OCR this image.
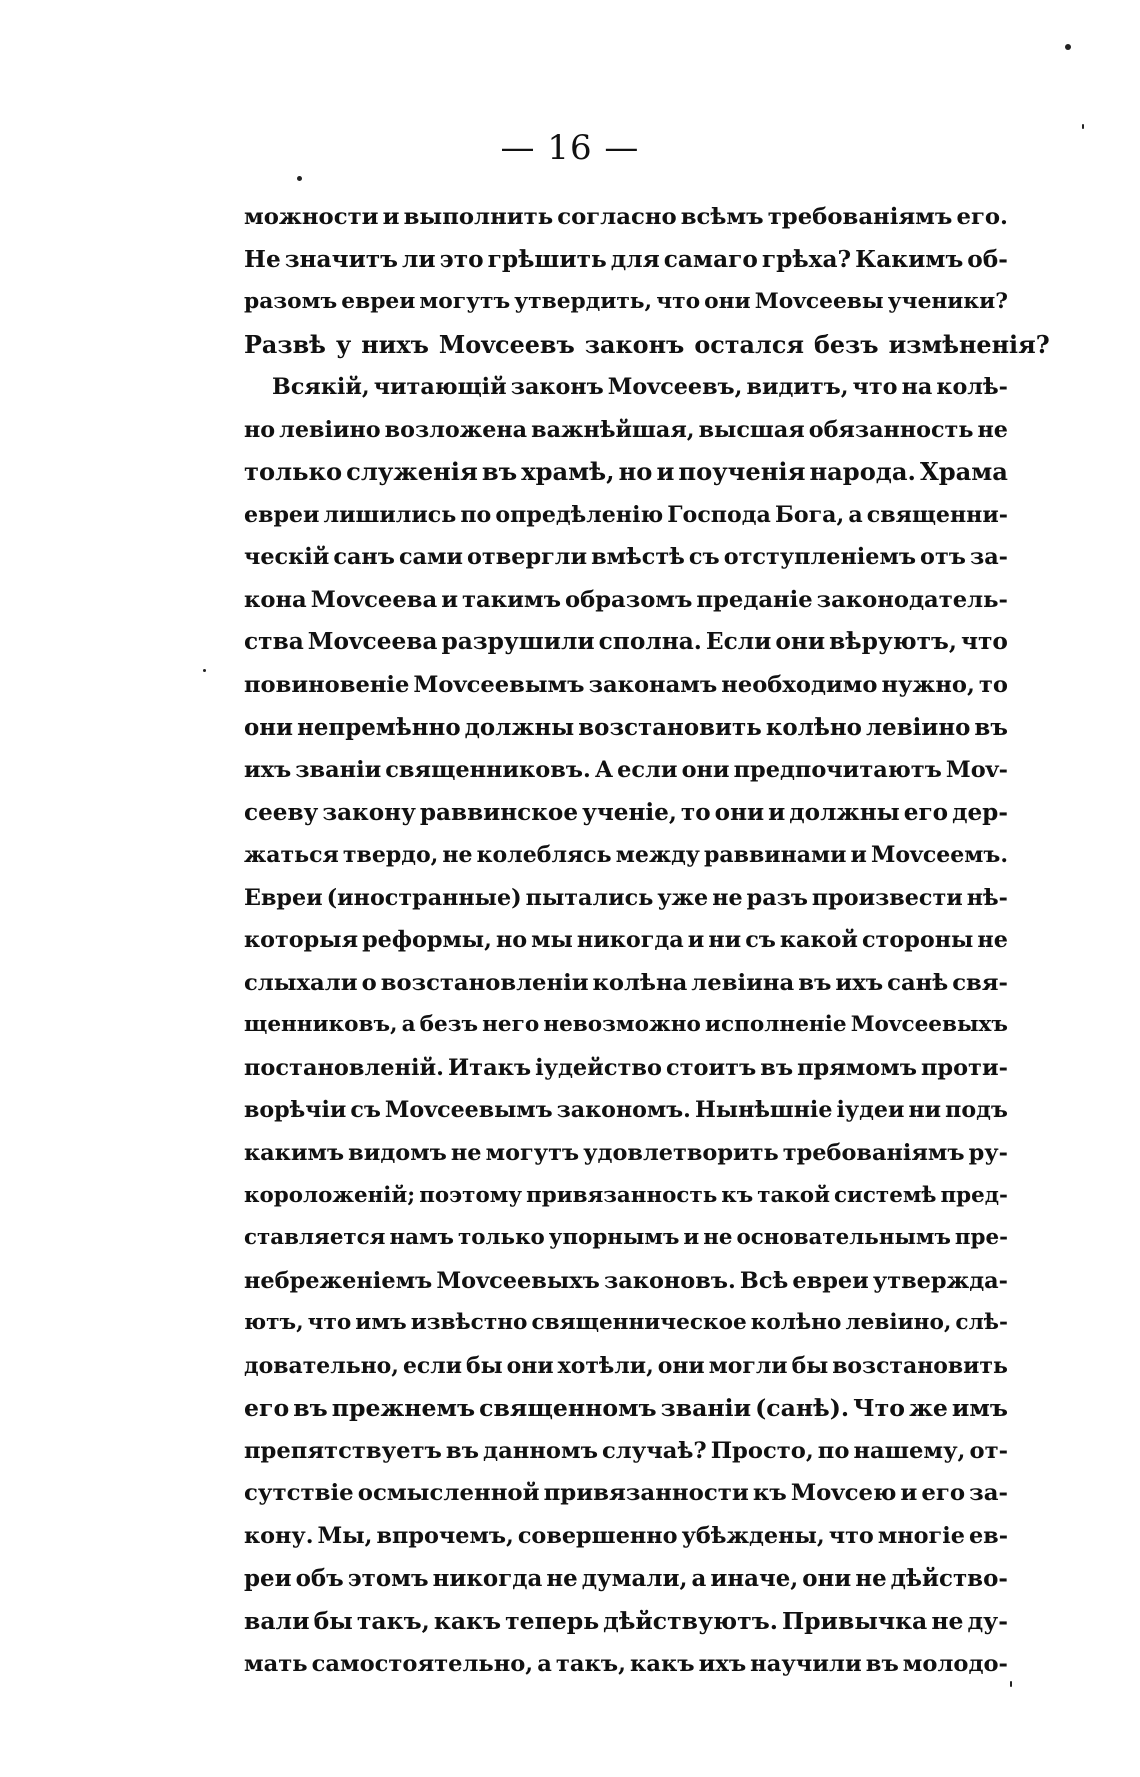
— 16 —
можности и выполнить согласно всѣмъ требованіямъ его.
Не значитъ ли это грѣшить для самаго грѣха? Какимъ об-
разомъ евреи могутъ утвердить, что они Моvсеевы ученики?
Развѣ у нихъ Моvсеевъ законъ остался безъ измѣненія?
Всякій, читающій законъ Моvсеевъ, видитъ, что на колѣ-
но левіино возложена важнѣйшая, высшая обязанность не
только служенія въ храмѣ, но и поученія народа. Храма
евреи лишились по опредѣленію Господа Бога, а священни-
ческій санъ сами отвергли вмѣстѣ съ отступленіемъ отъ за-
кона Моvсеева и такимъ образомъ преданіе законодатель-
ства Моvсеева разрушили сполна. Если они вѣруютъ, что
повиновеніе Моvсеевымъ законамъ необходимо нужно, то
они непремѣнно должны возстановить колѣно левіино въ
ихъ званіи священниковъ. А если они предпочитаютъ Моv-
сееву закону раввинское ученіе, то они и должны его дер-
жаться твердо, не колеблясь между раввинами и Моvсеемъ.
Евреи (иностранные) пытались уже не разъ произвести нѣ-
которыя реформы, но мы никогда и ни съ какой стороны не
слыхали о возстановленіи колѣна левіина въ ихъ санѣ свя-
щенниковъ, а безъ него невозможно исполненіе Моvсеевыхъ
постановленій. Итакъ іудейство стоитъ въ прямомъ проти-
ворѣчіи съ Моvсеевымъ закономъ. Нынѣшніе іудеи ни подъ
какимъ видомъ не могутъ удовлетворить требованіямъ ру-
кopoложеній; поэтому привязанность къ такой системѣ пред-
ставляется намъ только упорнымъ и не основательнымъ пре-
небреженіемъ Моvсеевыхъ законовъ. Всѣ евреи утвержда-
ютъ, что имъ извѣстно священническое колѣно левіино, слѣ-
довательно, если бы они хотѣли, они могли бы возстановить
его въ прежнемъ священномъ званіи (санѣ). Что же имъ
препятствуетъ въ данномъ случаѣ? Просто, по нашему, от-
сутствіе осмысленной привязанности къ Моvсею и его за-
кону. Мы, впрочемъ, совершенно убѣждены, что многіе ев-
реи объ этомъ никогда не думали, а иначе, они не дѣйство-
вали бы такъ, какъ теперь дѣйствуютъ. Привычка не ду-
мать самостоятельно, а такъ, какъ ихъ научили въ молодо-
